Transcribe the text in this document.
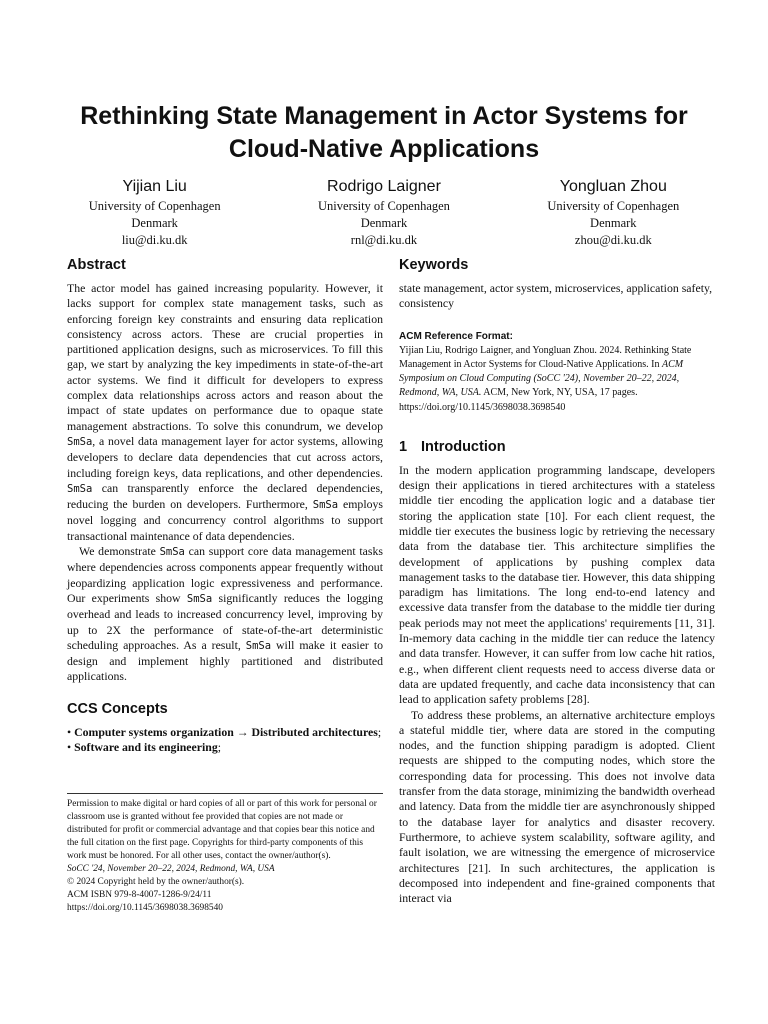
Rethinking State Management in Actor Systems for Cloud-Native Applications
Yijian Liu
University of Copenhagen
Denmark
liu@di.ku.dk
Rodrigo Laigner
University of Copenhagen
Denmark
rnl@di.ku.dk
Yongluan Zhou
University of Copenhagen
Denmark
zhou@di.ku.dk
Abstract

The actor model has gained increasing popularity. However, it lacks support for complex state management tasks, such as enforcing foreign key constraints and ensuring data replication consistency across actors. These are crucial properties in partitioned application designs, such as microservices. To fill this gap, we start by analyzing the key impediments in state-of-the-art actor systems. We find it difficult for developers to express complex data relationships across actors and reason about the impact of state updates on performance due to opaque state management abstractions. To solve this conundrum, we develop SmSa, a novel data management layer for actor systems, allowing developers to declare data dependencies that cut across actors, including foreign keys, data replications, and other dependencies. SmSa can transparently enforce the declared dependencies, reducing the burden on developers. Furthermore, SmSa employs novel logging and concurrency control algorithms to support transactional maintenance of data dependencies.

We demonstrate SmSa can support core data management tasks where dependencies across components appear frequently without jeopardizing application logic expressiveness and performance. Our experiments show SmSa significantly reduces the logging overhead and leads to increased concurrency level, improving by up to 2X the performance of state-of-the-art deterministic scheduling approaches. As a result, SmSa will make it easier to design and implement highly partitioned and distributed applications.

CCS Concepts
• Computer systems organization → Distributed architectures; • Software and its engineering;

Permission to make digital or hard copies of all or part of this work for personal or classroom use is granted without fee provided that copies are not made or distributed for profit or commercial advantage and that copies bear this notice and the full citation on the first page. Copyrights for third-party components of this work must be honored. For all other uses, contact the owner/author(s).

SoCC '24, November 20–22, 2024, Redmond, WA, USA

© 2024 Copyright held by the owner/author(s).

ACM ISBN 979-8-4007-1286-9/24/11

https://doi.org/10.1145/3698038.3698540

Keywords
state management, actor system, microservices, application safety, consistency
ACM Reference Format:
Yijian Liu, Rodrigo Laigner, and Yongluan Zhou. 2024. Rethinking State Management in Actor Systems for Cloud-Native Applications. In ACM Symposium on Cloud Computing (SoCC '24), November 20–22, 2024, Redmond, WA, USA. ACM, New York, NY, USA, 17 pages. https://doi.org/10.1145/3698038.3698540
1 Introduction

In the modern application programming landscape, developers design their applications in tiered architectures with a stateless middle tier encoding the application logic and a database tier storing the application state [10]. For each client request, the middle tier executes the business logic by retrieving the necessary data from the database tier. This architecture simplifies the development of applications by pushing complex data management tasks to the database tier. However, this data shipping paradigm has limitations. The long end-to-end latency and excessive data transfer from the database to the middle tier during peak periods may not meet the applications' requirements [11, 31]. In-memory data caching in the middle tier can reduce the latency and data transfer. However, it can suffer from low cache hit ratios, e.g., when different client requests need to access diverse data or data are updated frequently, and cache data inconsistency that can lead to application safety problems [28].

To address these problems, an alternative architecture employs a stateful middle tier, where data are stored in the computing nodes, and the function shipping paradigm is adopted. Client requests are shipped to the computing nodes, which store the corresponding data for processing. This does not involve data transfer from the data storage, minimizing the bandwidth overhead and latency. Data from the middle tier are asynchronously shipped to the database layer for analytics and disaster recovery. Furthermore, to achieve system scalability, software agility, and fault isolation, we are witnessing the emergence of microservice architectures [21]. In such architectures, the application is decomposed into independent and fine-grained components that interact via
